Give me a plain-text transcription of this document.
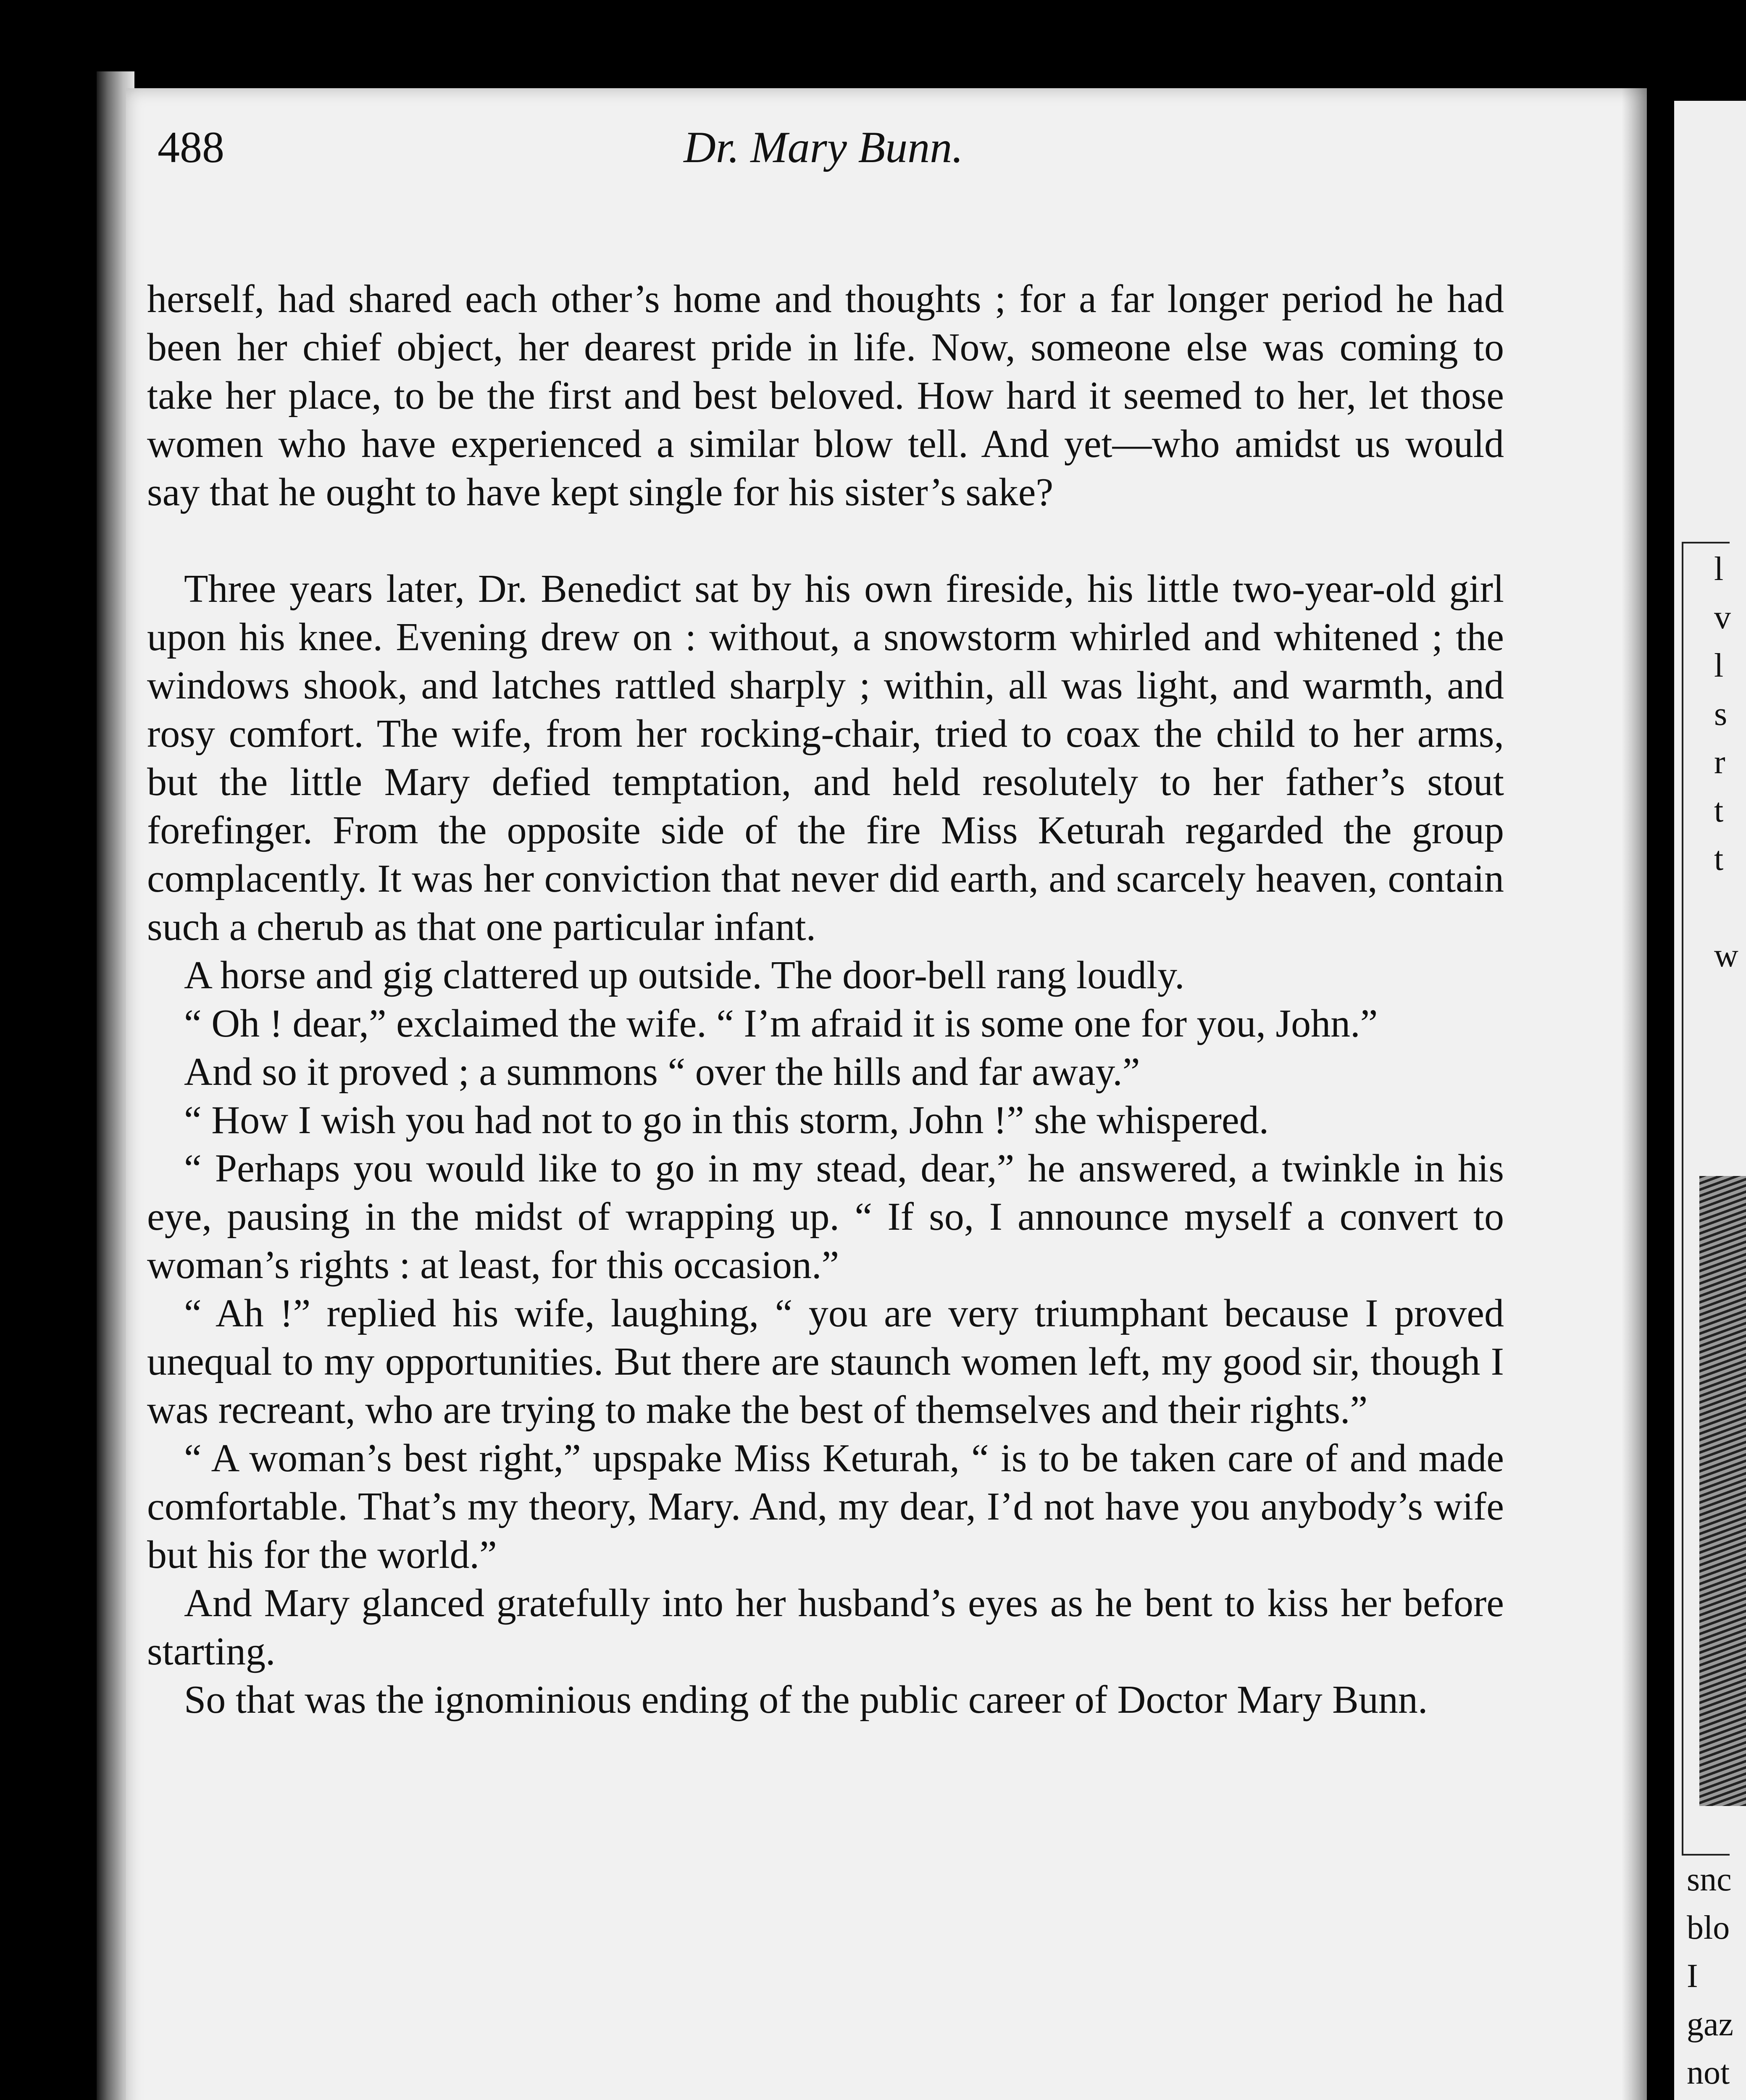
488	Dr. Mary Bunn.

herself, had shared each other’s home and thoughts ; for a far longer period he had been her chief object, her dearest pride in life. Now, someone else was coming to take her place, to be the first and best beloved. How hard it seemed to her, let those women who have experienced a similar blow tell. And yet—who amidst us would say that he ought to have kept single for his sister’s sake?

Three years later, Dr. Benedict sat by his own fireside, his little two-year-old girl upon his knee. Evening drew on : without, a snowstorm whirled and whitened ; the windows shook, and latches rattled sharply ; within, all was light, and warmth, and rosy comfort. The wife, from her rocking-chair, tried to coax the child to her arms, but the little Mary defied temptation, and held resolutely to her father’s stout forefinger. From the opposite side of the fire Miss Keturah regarded the group complacently. It was her conviction that never did earth, and scarcely heaven, contain such a cherub as that one particular infant.

A horse and gig clattered up outside. The door-bell rang loudly.

“ Oh ! dear,” exclaimed the wife. “ I’m afraid it is some one for you, John.”

And so it proved ; a summons “ over the hills and far away.”

“ How I wish you had not to go in this storm, John !” she whispered.

“ Perhaps you would like to go in my stead, dear,” he answered, a twinkle in his eye, pausing in the midst of wrapping up. “ If so, I announce myself a convert to woman’s rights : at least, for this occasion.”

“ Ah !” replied his wife, laughing, “ you are very triumphant because I proved unequal to my opportunities. But there are staunch women left, my good sir, though I was recreant, who are trying to make the best of themselves and their rights.”

“ A woman’s best right,” upspake Miss Keturah, “ is to be taken care of and made comfortable. That’s my theory, Mary. And, my dear, I’d not have you anybody’s wife but his for the world.”

And Mary glanced gratefully into her husband’s eyes as he bent to kiss her before starting.

So that was the ignominious ending of the public career of Doctor Mary Bunn.

l
v
l
s
r
t
t
w
snc
blo
I
gaz
not
